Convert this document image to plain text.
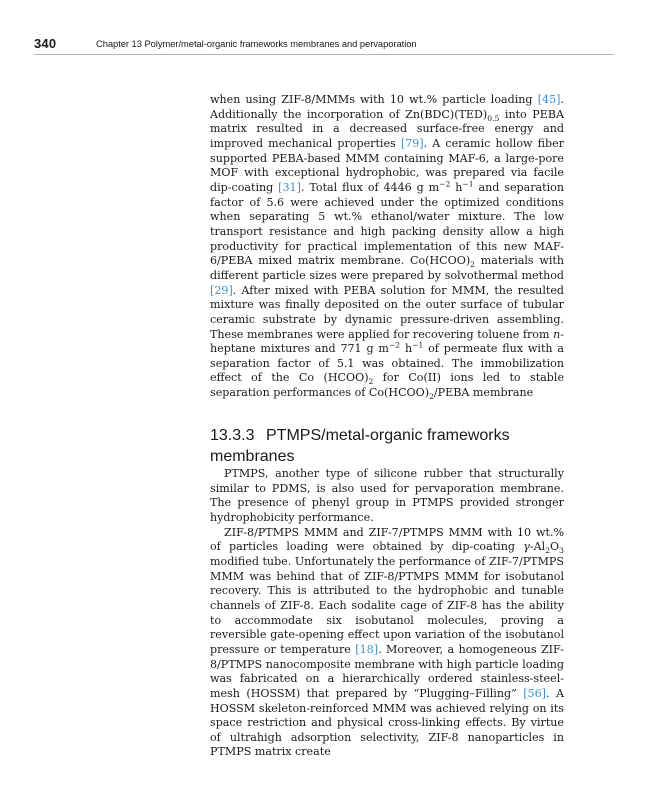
340	Chapter 13 Polymer/metal-organic frameworks membranes and pervaporation

when using ZIF-8/MMMs with 10 wt.% particle loading [45]. Additionally the incorporation of $Zn(BDC)(TED)_{0.5}$ into PEBA matrix resulted in a decreased surface-free energy and improved mechanical properties [79]. A ceramic hollow fiber supported PEBA-based MMM containing MAF-6, a large-pore MOF with exceptional hydrophobic, was prepared via facile dip-coating [31]. Total flux of 4446 g $m^{-2}$ $h^{-1}$ and separation factor of 5.6 were achieved under the optimized conditions when separating 5 wt.% ethanol/water mixture. The low transport resistance and high packing density allow a high productivity for practical implementation of this new MAF-6/PEBA mixed matrix membrane. $Co(HCOO)_2$ materials with different particle sizes were prepared by solvothermal method [29]. After mixed with PEBA solution for MMM, the resulted mixture was finally deposited on the outer surface of tubular ceramic substrate by dynamic pressure-driven assembling. These membranes were applied for recovering toluene from n-heptane mixtures and 771 g $m^{-2}$ $h^{-1}$ of permeate flux with a separation factor of 5.1 was obtained. The immobilization effect of the Co $(HCOO)_2$ for Co(II) ions led to stable separation performances of $Co(HCOO)_2$/PEBA membrane

13.3.3 PTMPS/metal-organic frameworks membranes

PTMPS, another type of silicone rubber that structurally similar to PDMS, is also used for pervaporation membrane. The presence of phenyl group in PTMPS provided stronger hydrophobicity performance.

ZIF-8/PTMPS MMM and ZIF-7/PTMPS MMM with 10 wt.% of particles loading were obtained by dip-coating $\gamma-Al_2O_3$ modified tube. Unfortunately the performance of ZIF-7/PTMPS MMM was behind that of ZIF-8/PTMPS MMM for isobutanol recovery. This is attributed to the hydrophobic and tunable channels of ZIF-8. Each sodalite cage of ZIF-8 has the ability to accommodate six isobutanol molecules, proving a reversible gate-opening effect upon variation of the isobutanol pressure or temperature [18]. Moreover, a homogeneous ZIF-8/PTMPS nanocomposite membrane with high particle loading was fabricated on a hierarchically ordered stainless-steel-mesh (HOSSM) that prepared by “Plugging–Filling” [56]. A HOSSM skeleton-reinforced MMM was achieved relying on its space restriction and physical cross-linking effects. By virtue of ultrahigh adsorption selectivity, ZIF-8 nanoparticles in PTMPS matrix create
